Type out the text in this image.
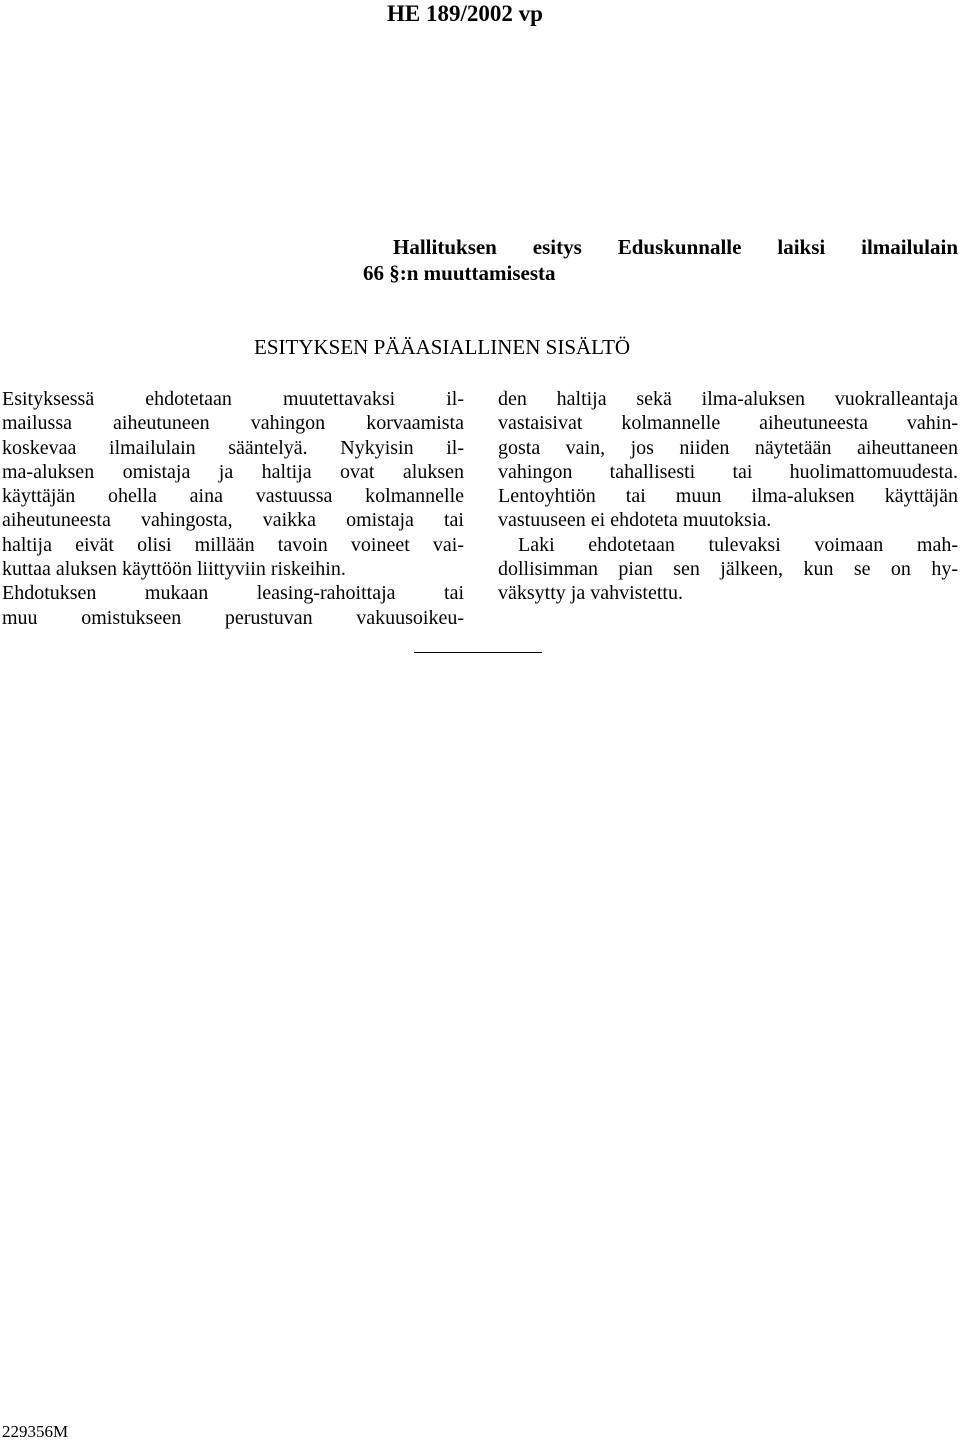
HE 189/2002 vp
Hallituksen esitys Eduskunnalle laiksi ilmailulain
66 §:n muuttamisesta
ESITYKSEN PÄÄASIALLINEN SISÄLTÖ

Esityksessä ehdotetaan muutettavaksi il-
mailussa aiheutuneen vahingon korvaamista
koskevaa ilmailulain sääntelyä. Nykyisin il-
ma-aluksen omistaja ja haltija ovat aluksen
käyttäjän ohella aina vastuussa kolmannelle
aiheutuneesta vahingosta, vaikka omistaja tai
haltija eivät olisi millään tavoin voineet vai-
kuttaa aluksen käyttöön liittyviin riskeihin.

Ehdotuksen mukaan leasing-rahoittaja tai
muu omistukseen perustuvan vakuusoikeu-

den haltija sekä ilma-aluksen vuokralleantaja
vastaisivat kolmannelle aiheutuneesta vahin-
gosta vain, jos niiden näytetään aiheuttaneen
vahingon tahallisesti tai huolimattomuudesta.
Lentoyhtiön tai muun ilma-aluksen käyttäjän
vastuuseen ei ehdoteta muutoksia.

Laki ehdotetaan tulevaksi voimaan mah-
dollisimman pian sen jälkeen, kun se on hy-
väksytty ja vahvistettu.

229356M
